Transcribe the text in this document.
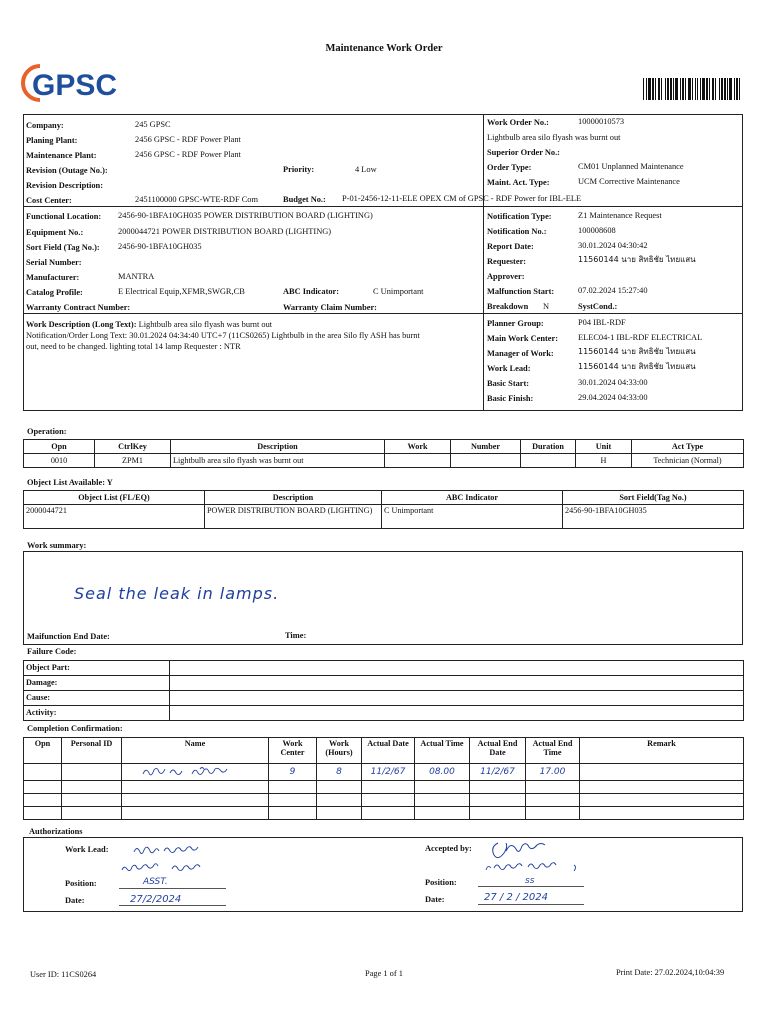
Maintenance Work Order
GPSC
Company:	245 GPSC
Planing Plant:	2456 GPSC - RDF Power Plant
Maintenance Plant:	2456 GPSC - RDF Power Plant
Revision (Outage No.):	Priority:	4 Low
Revision Description:
Cost Center:	2451100000 GPSC-WTE-RDF Com	Budget No.: P-01-2456-12-11-ELE OPEX CM of GPSC - RDF Power for IBL-ELE
Work Order No.:	10000010573
Lightbulb area silo flyash was burnt out
Superior Order No.:
Order Type:	CM01 Unplanned Maintenance
Maint. Act. Type:	UCM Corrective Maintenance
Functional Location: 2456-90-1BFA10GH035 POWER DISTRIBUTION BOARD (LIGHTING)
Equipment No.:	2000044721 POWER DISTRIBUTION BOARD (LIGHTING)
Sort Field (Tag No.): 2456-90-1BFA10GH035
Serial Number:
Manufacturer:	MANTRA
Catalog Profile:	E Electrical Equip,XFMR,SWGR,CB	ABC Indicator:	C Unimportant
Warranty Contract Number:	Warranty Claim Number:
Notification Type:	Z1 Maintenance Request
Notification No.:	100008608
Report Date:	30.01.2024 04:30:42
Requester:	11560144 นาย สิทธิชัย ไทยแสน
Approver:
Malfunction Start:	07.02.2024 15:27:40
Breakdown N	SystCond.:
Work Description (Long Text): Lightbulb area silo flyash was burnt out
Notification/Order Long Text: 30.01.2024 04:34:40 UTC+7 (11CS0265) Lightbulb in the area Silo fly ASH has burnt
out, need to be changed. lighting total 14 lamp Requester : NTR
Planner Group:	P04 IBL-RDF
Main Work Center: ELEC04-1 IBL-RDF ELECTRICAL
Manager of Work:	11560144 นาย สิทธิชัย ไทยแสน
Work Lead:	11560144 นาย สิทธิชัย ไทยแสน
Basic Start:	30.01.2024 04:33:00
Basic Finish:	29.04.2024 04:33:00
Operation:
Opn	CtrlKey	Description	Work	Number	Duration	Unit	Act Type
0010	ZPM1	Lightbulb area silo flyash was burnt out				H	Technician (Normal)
Object List Available: Y
Object List (FL/EQ)	Description	ABC Indicator	Sort Field(Tag No.)
2000044721	POWER DISTRIBUTION BOARD (LIGHTING)	C Unimportant	2456-90-1BFA10GH035
Work summary:
Seal the leak in lamps.
Maifunction End Date:	Time:
Failure Code:
Object Part:	
Damage:	
Cause:	
Activity:	
Completion Confirmation:
Opn	Personal ID	Name	Work Center	Work (Hours)	Actual Date	Actual Time	Actual End Date	Actual End Time	Remark
			9	8	11/2/67	08.00	11/2/67	17.00	

Authorizations
Work Lead:
Position:	ASST.
Date:	27/2/2024
Accepted by:
Position:	ss
Date:	27 / 2 / 2024
User ID: 11CS0264	Page 1 of 1	Print Date: 27.02.2024,10:04:39
